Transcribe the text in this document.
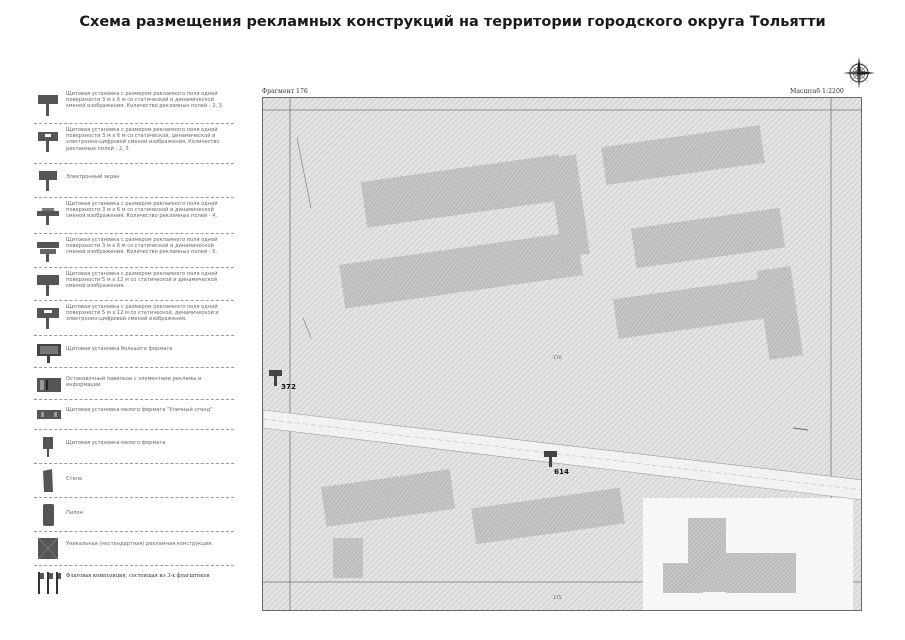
Схема размещения рекламных конструкций на территории городского округа Тольятти
Фрагмент 176	Масштаб 1:2200
Щитовая установка с размером рекламного поля одной поверхности 3 м х 6 м со статической и динамической сменой изображения. Количество рекламных полей - 2, 3.
Щитовая установка с размером рекламного поля одной поверхности 3 м х 6 м со статической, динамической и электронно-цифровой сменой изображения. Количество рекламных полей - 2, 3.
Электронный экран
Щитовая установка с размером рекламного поля одной поверхности 3 м х 6 м со статической и динамической сменой изображения. Количество рекламных полей - 4.
Щитовая установка с размером рекламного поля одной поверхности 3 м х 6 м со статической и динамической сменой изображения. Количество рекламных полей - 5.
Щитовая установка с размером рекламного поля одной поверхности 5 м х 12 м со статической и динамической сменой изображения.
Щитовая установка с размером рекламного поля одной поверхности 5 м х 12 м со статической, динамической и электронно-цифровой сменой изображения.
Щитовая установка большого формата
Остановочный павильон с элементами рекламы и информации.
Щитовая установка малого формата "Уличный стенд"
Щитовая установка малого формата
Стела
Пилон
Уникальная (нестандартная) рекламная конструкция.
Флаговая композиция, состоящая из 3-х флагштоков
372
614
170
175
